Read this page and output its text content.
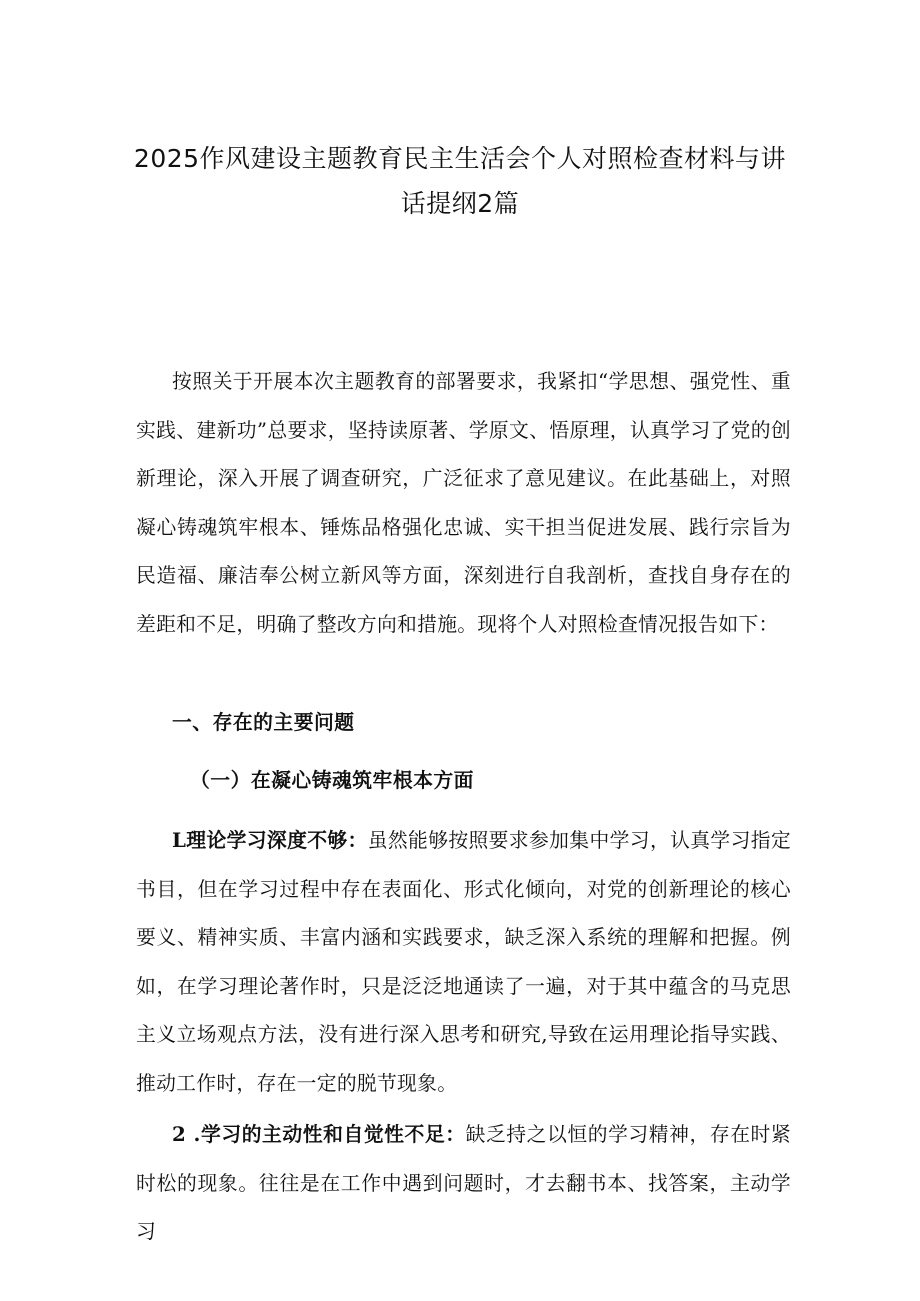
2025作风建设主题教育民主生活会个人对照检查材料与讲
话提纲2篇

按照关于开展本次主题教育的部署要求，我紧扣“学思想、强党性、重实践、建新功”总要求，坚持读原著、学原文、悟原理，认真学习了党的创新理论，深入开展了调查研究，广泛征求了意见建议。在此基础上，对照凝心铸魂筑牢根本、锤炼品格强化忠诚、实干担当促进发展、践行宗旨为民造福、廉洁奉公树立新风等方面，深刻进行自我剖析，查找自身存在的差距和不足，明确了整改方向和措施。现将个人对照检查情况报告如下：

一、存在的主要问题

（一）在凝心铸魂筑牢根本方面

L理论学习深度不够：虽然能够按照要求参加集中学习，认真学习指定书目，但在学习过程中存在表面化、形式化倾向，对党的创新理论的核心要义、精神实质、丰富内涵和实践要求，缺乏深入系统的理解和把握。例如，在学习理论著作时，只是泛泛地通读了一遍，对于其中蕴含的马克思主义立场观点方法，没有进行深入思考和研究,导致在运用理论指导实践、推动工作时，存在一定的脱节现象。

2 .学习的主动性和自觉性不足：缺乏持之以恒的学习精神，存在时紧时松的现象。往往是在工作中遇到问题时，才去翻书本、找答案，主动学习
